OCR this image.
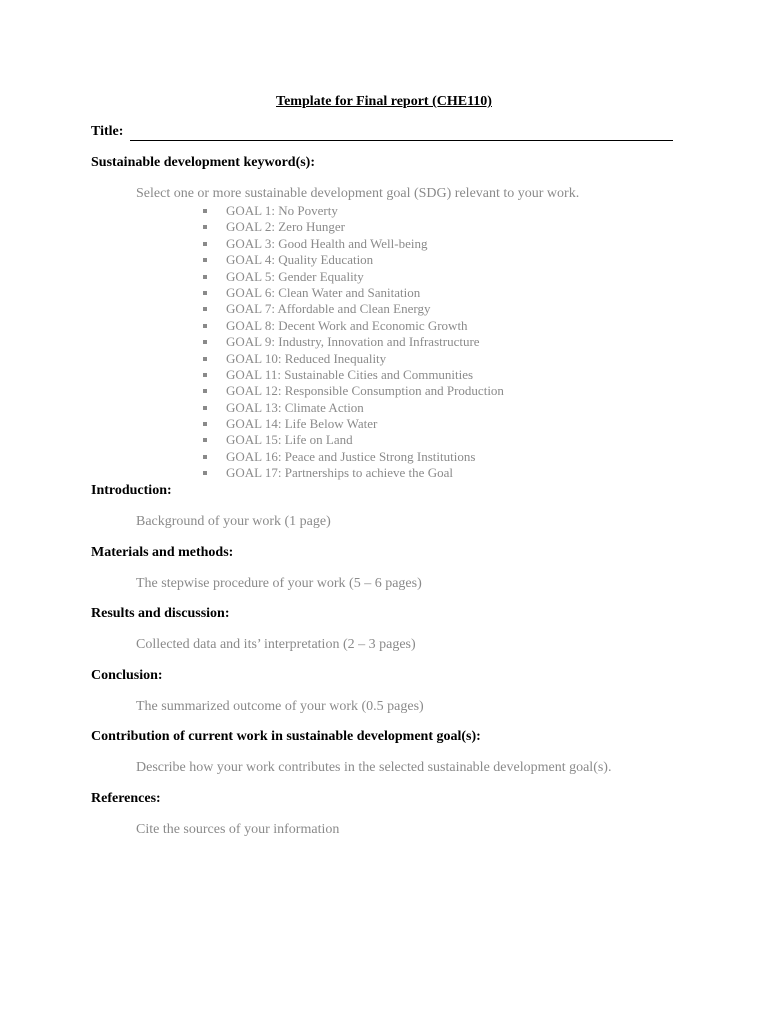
Template for Final report (CHE110)
Title:
Sustainable development keyword(s):
Select one or more sustainable development goal (SDG) relevant to your work.
GOAL 1: No Poverty
GOAL 2: Zero Hunger
GOAL 3: Good Health and Well-being
GOAL 4: Quality Education
GOAL 5: Gender Equality
GOAL 6: Clean Water and Sanitation
GOAL 7: Affordable and Clean Energy
GOAL 8: Decent Work and Economic Growth
GOAL 9: Industry, Innovation and Infrastructure
GOAL 10: Reduced Inequality
GOAL 11: Sustainable Cities and Communities
GOAL 12: Responsible Consumption and Production
GOAL 13: Climate Action
GOAL 14: Life Below Water
GOAL 15: Life on Land
GOAL 16: Peace and Justice Strong Institutions
GOAL 17: Partnerships to achieve the Goal
Introduction:
Background of your work (1 page)
Materials and methods:
The stepwise procedure of your work (5 – 6 pages)
Results and discussion:
Collected data and its’ interpretation (2 – 3 pages)
Conclusion:
The summarized outcome of your work (0.5 pages)
Contribution of current work in sustainable development goal(s):
Describe how your work contributes in the selected sustainable development goal(s).
References:
Cite the sources of your information
